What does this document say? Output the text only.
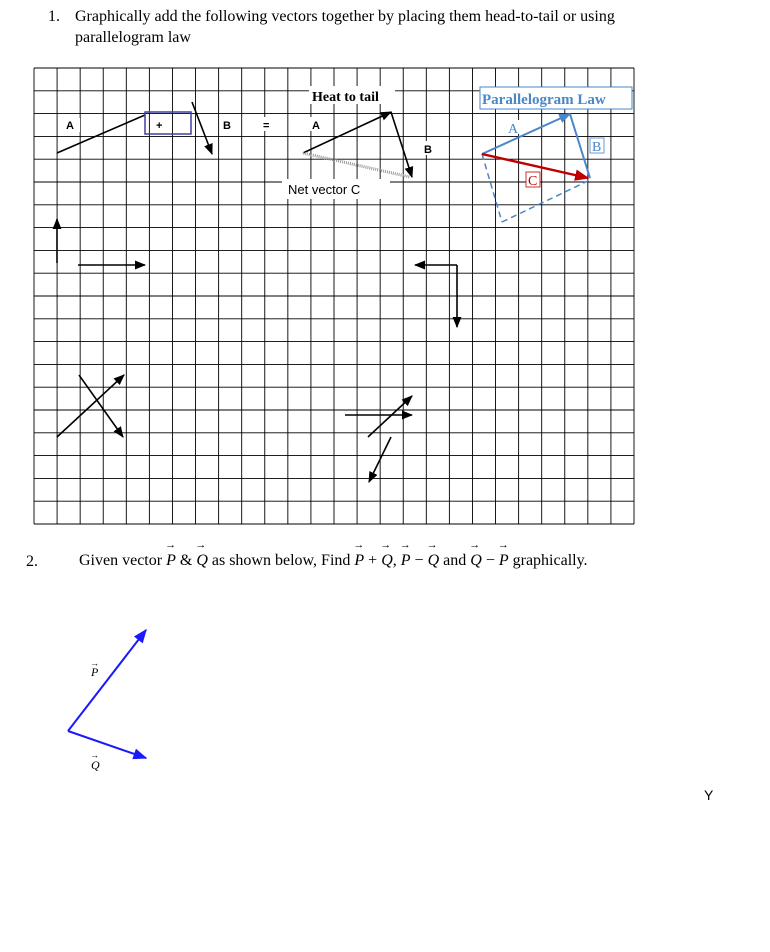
1. Graphically add the following vectors together by placing them head-to-tail or using
parallelogram law
A	+	B	=
Heat to tail
A
B
Net vector C
Parallelogram Law
A
B
C
P
Q
→
→
2.	Given vector → P & → Q as shown below, Find → P + → Q, → P − → Q and → Q − → P graphically.
Y
